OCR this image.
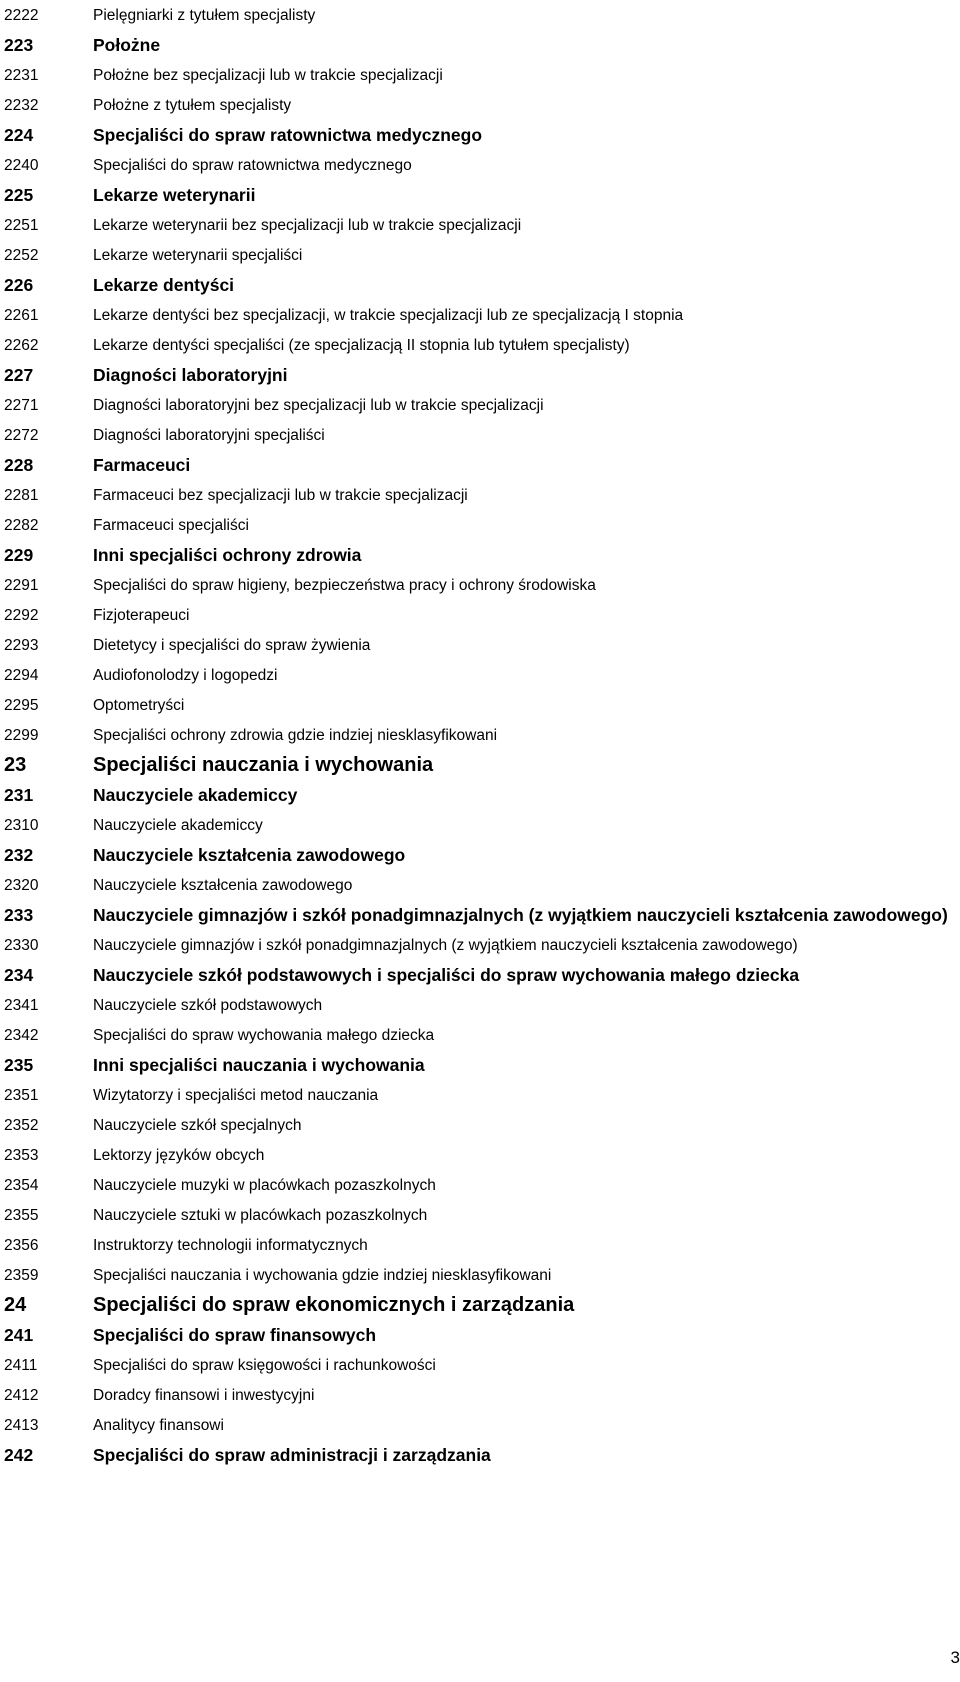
2222	Pielęgniarki z tytułem specjalisty
223	Położne
2231	Położne bez specjalizacji lub w trakcie specjalizacji
2232	Położne z tytułem specjalisty
224	Specjaliści do spraw ratownictwa medycznego
2240	Specjaliści do spraw ratownictwa medycznego
225	Lekarze weterynarii
2251	Lekarze weterynarii bez specjalizacji lub w trakcie specjalizacji
2252	Lekarze weterynarii specjaliści
226	Lekarze dentyści
2261	Lekarze dentyści bez specjalizacji, w trakcie specjalizacji lub ze specjalizacją I stopnia
2262	Lekarze dentyści specjaliści (ze specjalizacją II stopnia lub tytułem specjalisty)
227	Diagności laboratoryjni
2271	Diagności laboratoryjni bez specjalizacji lub w trakcie specjalizacji
2272	Diagności laboratoryjni specjaliści
228	Farmaceuci
2281	Farmaceuci bez specjalizacji lub w trakcie specjalizacji
2282	Farmaceuci specjaliści
229	Inni specjaliści ochrony zdrowia
2291	Specjaliści do spraw higieny, bezpieczeństwa pracy i ochrony środowiska
2292	Fizjoterapeuci
2293	Dietetycy i specjaliści do spraw żywienia
2294	Audiofonolodzy i logopedzi
2295	Optometryści
2299	Specjaliści ochrony zdrowia gdzie indziej niesklasyfikowani
23	Specjaliści nauczania i wychowania
231	Nauczyciele akademiccy
2310	Nauczyciele akademiccy
232	Nauczyciele kształcenia zawodowego
2320	Nauczyciele kształcenia zawodowego
233	Nauczyciele gimnazjów i szkół ponadgimnazjalnych (z wyjątkiem nauczycieli kształcenia zawodowego)
2330	Nauczyciele gimnazjów i szkół ponadgimnazjalnych (z wyjątkiem nauczycieli kształcenia zawodowego)
234	Nauczyciele szkół podstawowych i specjaliści do spraw wychowania małego dziecka
2341	Nauczyciele szkół podstawowych
2342	Specjaliści do spraw wychowania małego dziecka
235	Inni specjaliści nauczania i wychowania
2351	Wizytatorzy i specjaliści metod nauczania
2352	Nauczyciele szkół specjalnych
2353	Lektorzy języków obcych
2354	Nauczyciele muzyki w placówkach pozaszkolnych
2355	Nauczyciele sztuki w placówkach pozaszkolnych
2356	Instruktorzy technologii informatycznych
2359	Specjaliści nauczania i wychowania gdzie indziej niesklasyfikowani
24	Specjaliści do spraw ekonomicznych i zarządzania
241	Specjaliści do spraw finansowych
2411	Specjaliści do spraw księgowości i rachunkowości
2412	Doradcy finansowi i inwestycyjni
2413	Analitycy finansowi
242	Specjaliści do spraw administracji i zarządzania
3
